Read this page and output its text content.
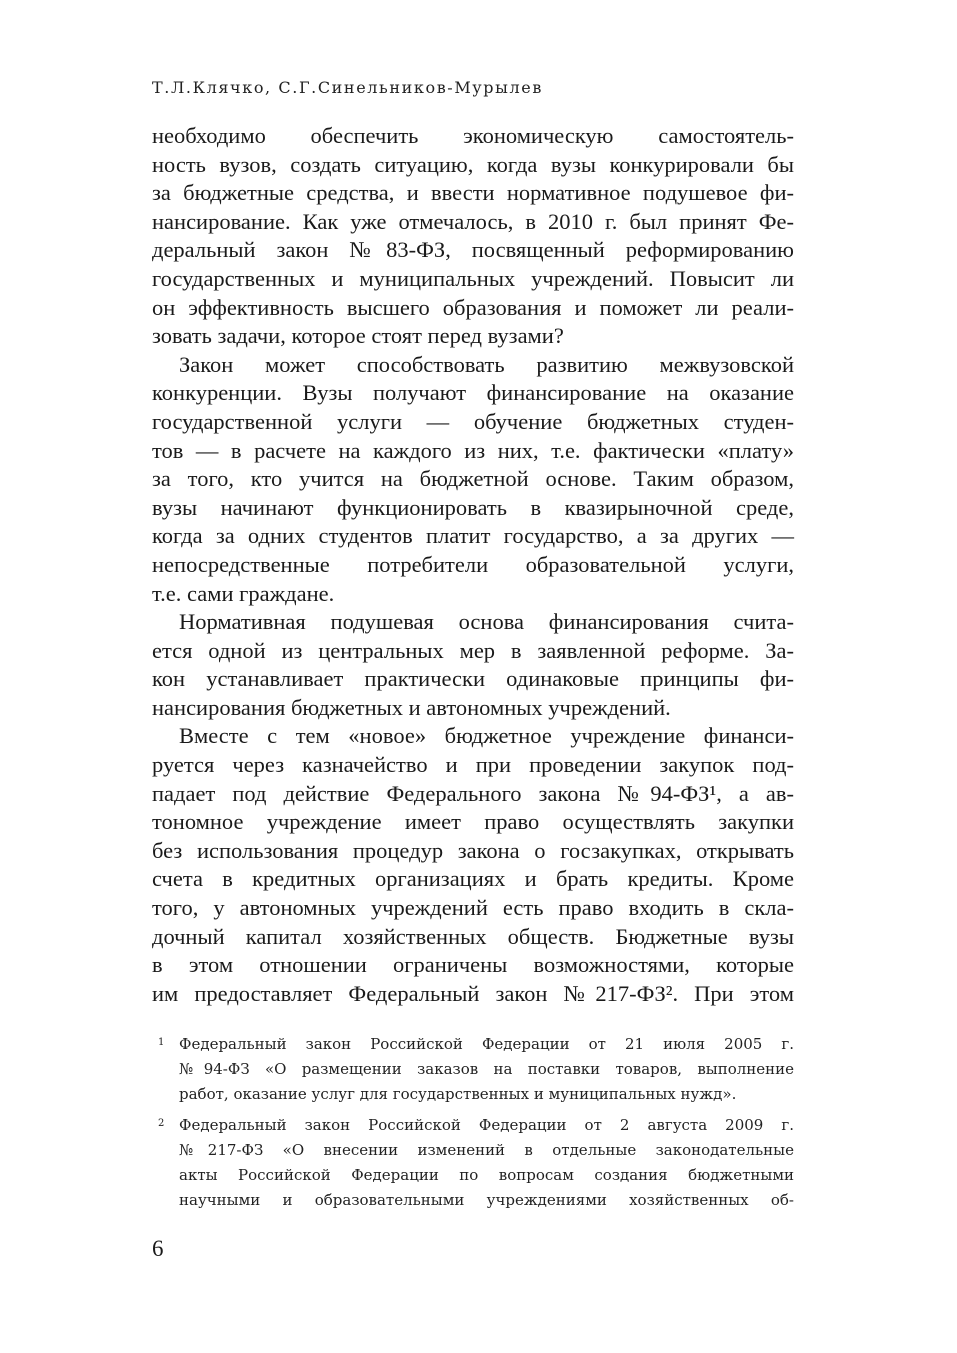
Т.Л.Клячко, С.Г.Синельников-Мурылев
необходимо обеспечить экономическую самостоятель-
ность вузов, создать ситуацию, когда вузы конкурировали бы
за бюджетные средства, и ввести нормативное подушевое фи-
нансирование. Как уже отмечалось, в 2010 г. был принят Фе-
деральный закон №83-ФЗ, посвященный реформированию
государственных и муниципальных учреждений. Повысит ли
он эффективность высшего образования и поможет ли реали-
зовать задачи, которое стоят перед вузами?
Закон может способствовать развитию межвузовской
конкуренции. Вузы получают финансирование на оказание
государственной услуги — обучение бюджетных студен-
тов — в расчете на каждого из них, т.е. фактически «плату»
за того, кто учится на бюджетной основе. Таким образом,
вузы начинают функционировать в квазирыночной среде,
когда за одних студентов платит государство, а за других —
непосредственные потребители образовательной услуги,
т.е. сами граждане.
Нормативная подушевая основа финансирования счита-
ется одной из центральных мер в заявленной реформе. За-
кон устанавливает практически одинаковые принципы фи-
нансирования бюджетных и автономных учреждений.
Вместе с тем «новое» бюджетное учреждение финанси-
руется через казначейство и при проведении закупок под-
падает под действие Федерального закона №94-ФЗ¹, а ав-
тономное учреждение имеет право осуществлять закупки
без использования процедур закона о госзакупках, открывать
счета в кредитных организациях и брать кредиты. Кроме
того, у автономных учреждений есть право входить в скла-
дочный капитал хозяйственных обществ. Бюджетные вузы
в этом отношении ограничены возможностями, которые
им предоставляет Федеральный закон №217-ФЗ². При этом
1 Федеральный закон Российской Федерации от 21 июля 2005 г.
№94-ФЗ «О размещении заказов на поставки товаров, выполнение
работ, оказание услуг для государственных и муниципальных нужд».
2 Федеральный закон Российской Федерации от 2 августа 2009 г.
№217-ФЗ «О внесении изменений в отдельные законодательные
акты Российской Федерации по вопросам создания бюджетными
научными и образовательными учреждениями хозяйственных об-
6
